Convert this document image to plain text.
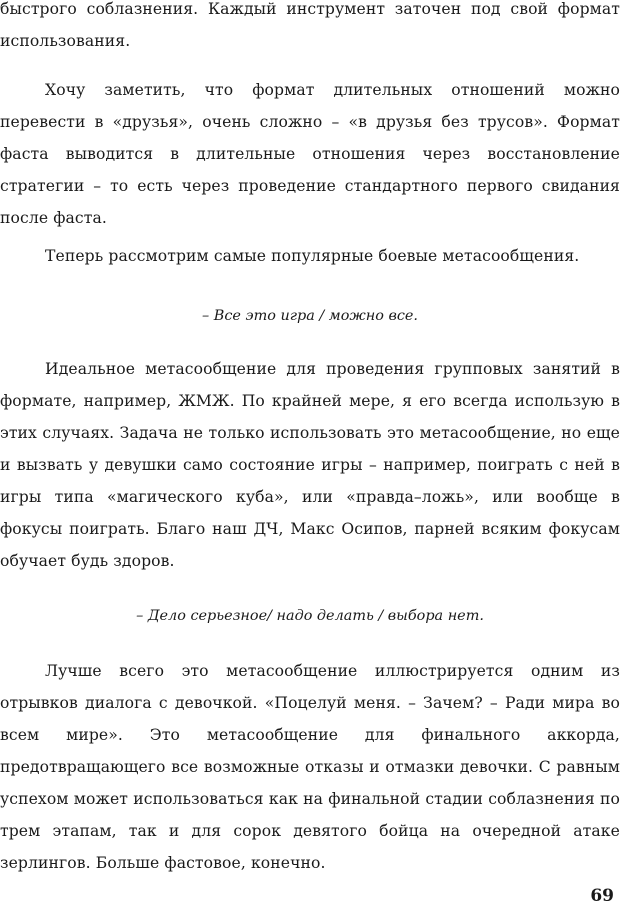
быстрого соблазнения. Каждый инструмент заточен под свой формат использования.

Хочу заметить, что формат длительных отношений можно перевести в «друзья», очень сложно – «в друзья без трусов». Формат фаста выводится в длительные отношения через восстановление стратегии – то есть через проведение стандартного первого свидания после фаста.

Теперь рассмотрим самые популярные боевые метасообщения.

– Все это игра / можно все.

Идеальное метасообщение для проведения групповых занятий в формате, например, ЖМЖ. По крайней мере, я его всегда использую в этих случаях. Задача не только использовать это метасообщение, но еще и вызвать у девушки само состояние игры – например, поиграть с ней в игры типа «магического куба», или «правда–ложь», или вообще в фокусы поиграть. Благо наш ДЧ, Макс Осипов, парней всяким фокусам обучает будь здоров.

– Дело серьезное/ надо делать / выбора нет.

Лучше всего это метасообщение иллюстрируется одним из отрывков диалога с девочкой. «Поцелуй меня. – Зачем? – Ради мира во всем мире». Это метасообщение для финального аккорда, предотвращающего все возможные отказы и отмазки девочки. С равным успехом может использоваться как на финальной стадии соблазнения по трем этапам, так и для сорок девятого бойца на очередной атаке зерлингов. Больше фастовое, конечно.

69
